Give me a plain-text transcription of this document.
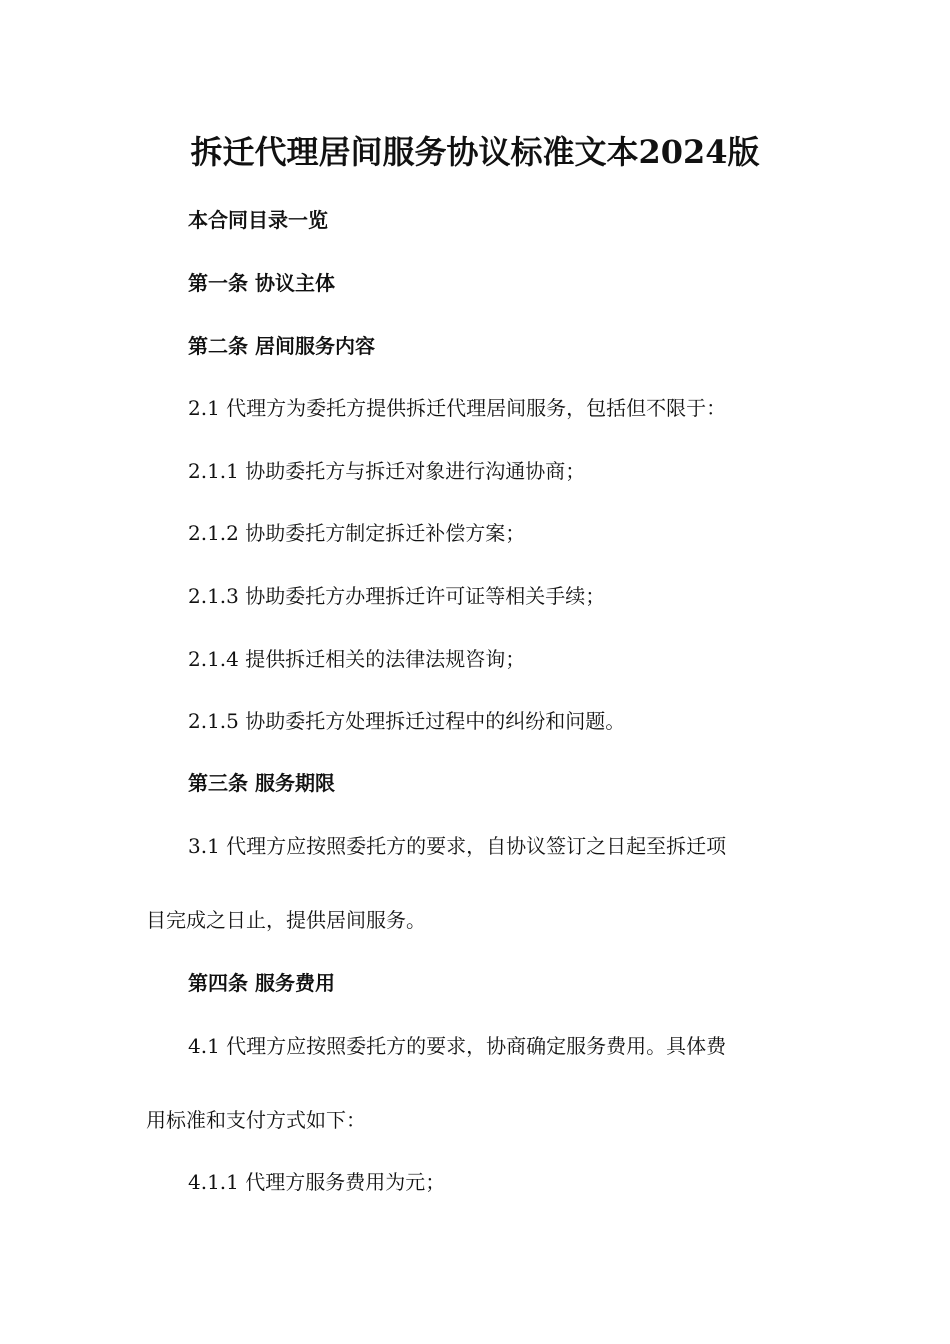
拆迁代理居间服务协议标准文本2024版

本合同目录一览

第一条 协议主体

第二条 居间服务内容

2.1 代理方为委托方提供拆迁代理居间服务，包括但不限于：

2.1.1 协助委托方与拆迁对象进行沟通协商；

2.1.2 协助委托方制定拆迁补偿方案；

2.1.3 协助委托方办理拆迁许可证等相关手续；

2.1.4 提供拆迁相关的法律法规咨询；

2.1.5 协助委托方处理拆迁过程中的纠纷和问题。

第三条 服务期限

3.1 代理方应按照委托方的要求，自协议签订之日起至拆迁项

目完成之日止，提供居间服务。

第四条 服务费用

4.1 代理方应按照委托方的要求，协商确定服务费用。具体费

用标准和支付方式如下：

4.1.1 代理方服务费用为元；
